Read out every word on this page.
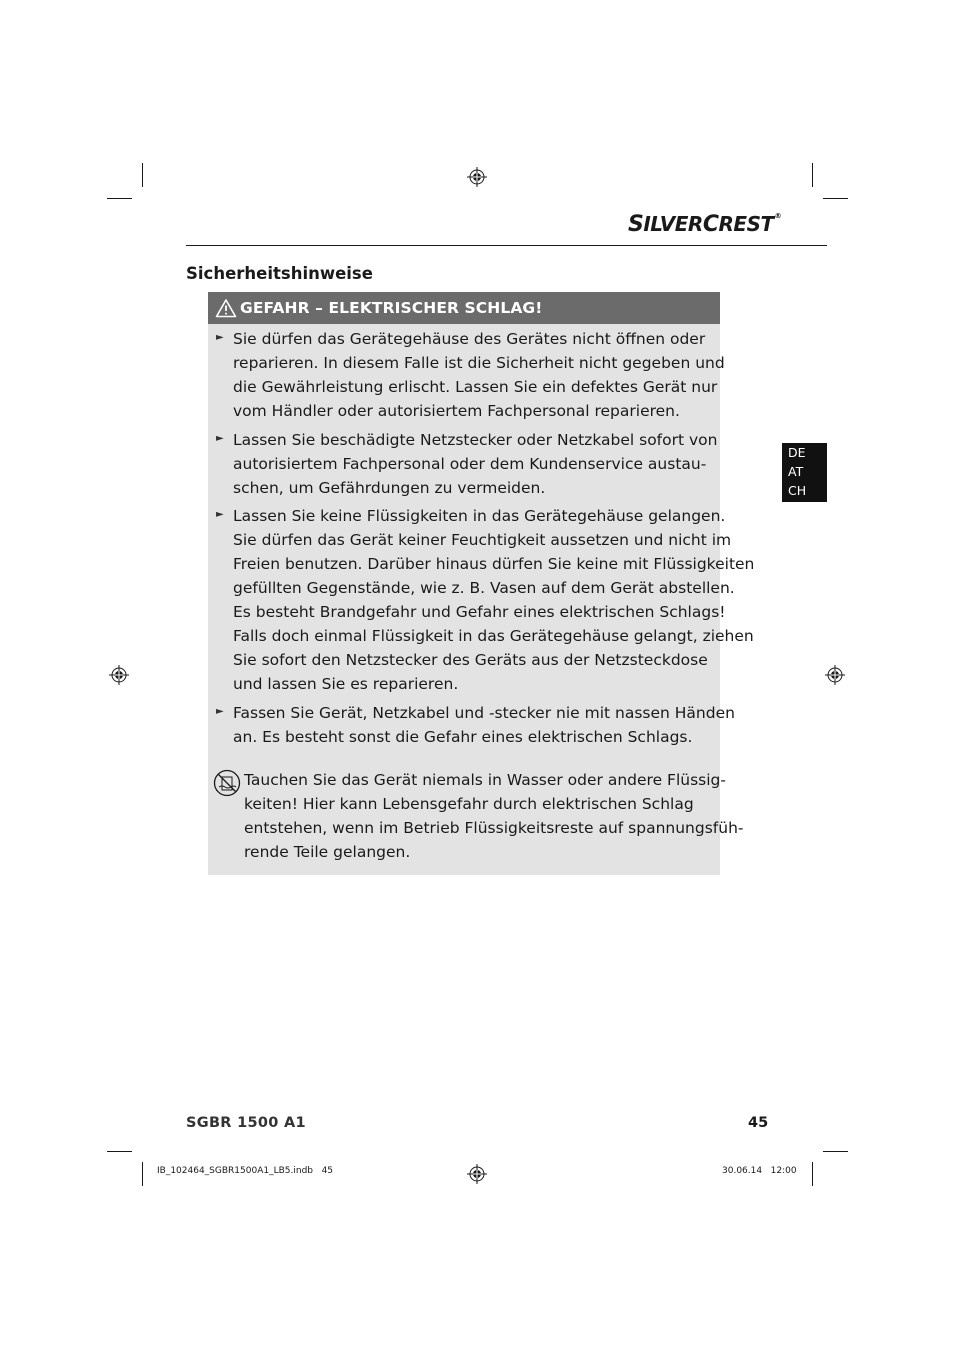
SILVERCREST®
Sicherheitshinweise
GEFAHR – ELEKTRISCHER SCHLAG!
► Sie dürfen das Gerätegehäuse des Gerätes nicht öffnen oder
reparieren. In diesem Falle ist die Sicherheit nicht gegeben und
die Gewährleistung erlischt. Lassen Sie ein defektes Gerät nur
vom Händler oder autorisiertem Fachpersonal reparieren.
► Lassen Sie beschädigte Netzstecker oder Netzkabel sofort von
autorisiertem Fachpersonal oder dem Kundenservice austau-
schen, um Gefährdungen zu vermeiden.
► Lassen Sie keine Flüssigkeiten in das Gerätegehäuse gelangen.
Sie dürfen das Gerät keiner Feuchtigkeit aussetzen und nicht im
Freien benutzen. Darüber hinaus dürfen Sie keine mit Flüssigkeiten
gefüllten Gegenstände, wie z. B. Vasen auf dem Gerät abstellen.
Es besteht Brandgefahr und Gefahr eines elektrischen Schlags!
Falls doch einmal Flüssigkeit in das Gerätegehäuse gelangt, ziehen
Sie sofort den Netzstecker des Geräts aus der Netzsteckdose
und lassen Sie es reparieren.
► Fassen Sie Gerät, Netzkabel und -stecker nie mit nassen Händen
an. Es besteht sonst die Gefahr eines elektrischen Schlags.
Tauchen Sie das Gerät niemals in Wasser oder andere Flüssig-
keiten! Hier kann Lebensgefahr durch elektrischen Schlag
entstehen, wenn im Betrieb Flüssigkeitsreste auf spannungsfüh-
rende Teile gelangen.
DE
AT
CH
SGBR 1500 A1	45
IB_102464_SGBR1500A1_LB5.indb   45	30.06.14   12:00
